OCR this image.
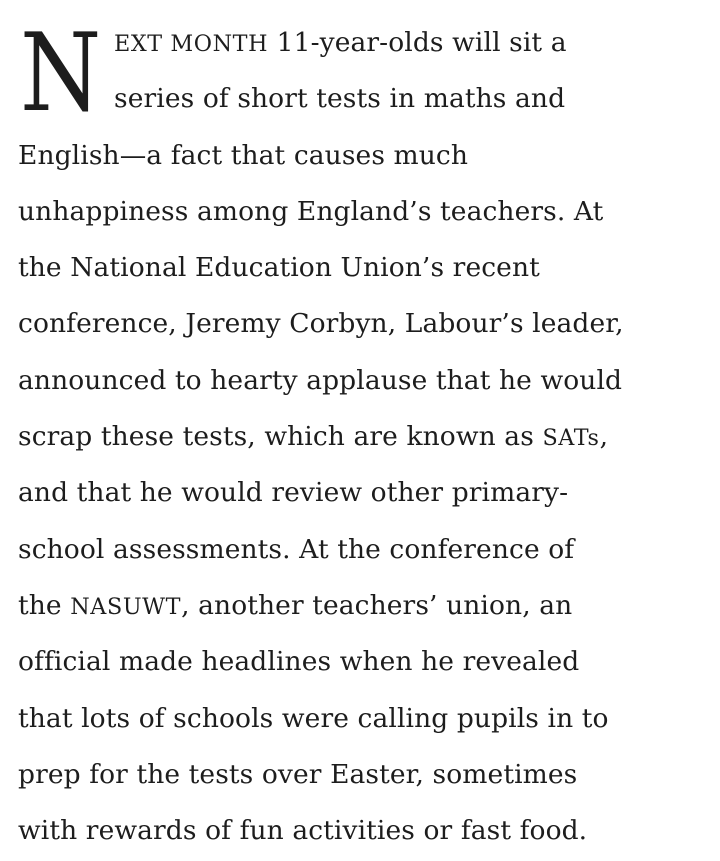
N EXT MONTH 11-year-olds will sit a
series of short tests in maths and
English—a fact that causes much
unhappiness among England’s teachers. At
the National Education Union’s recent
conference, Jeremy Corbyn, Labour’s leader,
announced to hearty applause that he would
scrap these tests, which are known as SATs,
and that he would review other primary-
school assessments. At the conference of
the NASUWT, another teachers’ union, an
official made headlines when he revealed
that lots of schools were calling pupils in to
prep for the tests over Easter, sometimes
with rewards of fun activities or fast food.
